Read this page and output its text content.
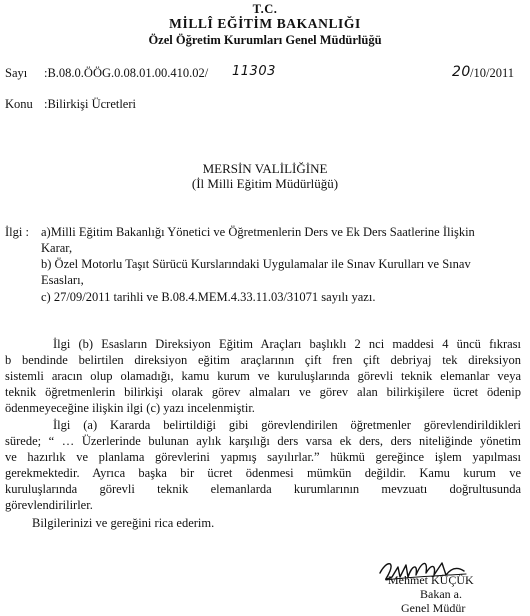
T.C.
MİLLÎ EĞİTİM BAKANLIĞI
Özel Öğretim Kurumları Genel Müdürlüğü
Sayı :B.08.0.ÖÖG.0.08.01.00.410.02/ 11303	20 /10/2011
Konu :Bilirkişi Ücretleri
MERSİN VALİLİĞİNE
(İl Milli Eğitim Müdürlüğü)
İlgi : a)Milli Eğitim Bakanlığı Yönetici ve Öğretmenlerin Ders ve Ek Ders Saatlerine İlişkin
Karar,
b) Özel Motorlu Taşıt Sürücü Kurslarındaki Uygulamalar ile Sınav Kurulları ve Sınav
Esasları,
c) 27/09/2011 tarihli ve B.08.4.MEM.4.33.11.03/31071 sayılı yazı.
İlgi (b) Esasların Direksiyon Eğitim Araçları başlıklı 2 nci maddesi 4 üncü fıkrası
b bendinde belirtilen direksiyon eğitim araçlarının çift fren çift debriyaj tek direksiyon
sistemli aracın olup olamadığı, kamu kurum ve kuruluşlarında görevli teknik elemanlar veya
teknik öğretmenlerin bilirkişi olarak görev almaları ve görev alan bilirkişilere ücret ödenip
ödenmeyeceğine ilişkin ilgi (c) yazı incelenmiştir.
İlgi (a) Kararda belirtildiği gibi görevlendirilen öğretmenler görevlendirildikleri
sürede; “ … Üzerlerinde bulunan aylık karşılığı ders varsa ek ders, ders niteliğinde yönetim
ve hazırlık ve planlama görevlerini yapmış sayılırlar.” hükmü gereğince işlem yapılması
gerekmektedir. Ayrıca başka bir ücret ödenmesi mümkün değildir. Kamu kurum ve
kuruluşlarında görevli teknik elemanlarda kurumlarının mevzuatı doğrultusunda
görevlendirilirler.
Bilgilerinizi ve gereğini rica ederim.
Mehmet KÜÇÜK
Bakan a.
Genel Müdür
